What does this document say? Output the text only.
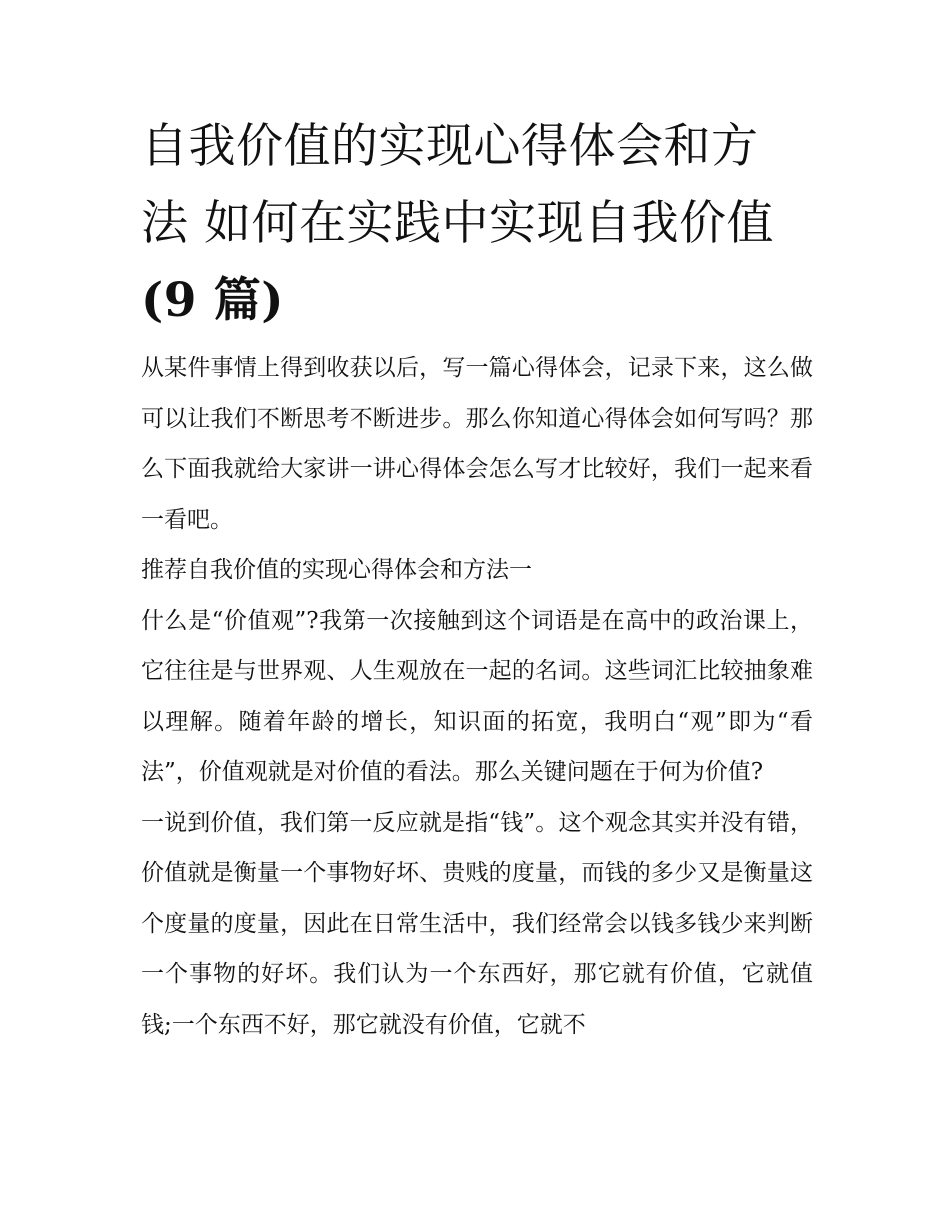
自我价值的实现心得体会和方
法 如何在实践中实现自我价值
(9 篇)

从某件事情上得到收获以后，写一篇心得体会，记录下来，这么做可以让我们不断思考不断进步。那么你知道心得体会如何写吗？那么下面我就给大家讲一讲心得体会怎么写才比较好，我们一起来看一看吧。

推荐自我价值的实现心得体会和方法一

什么是“价值观”?我第一次接触到这个词语是在高中的政治课上，它往往是与世界观、人生观放在一起的名词。这些词汇比较抽象难以理解。随着年龄的增长，知识面的拓宽，我明白“观”即为“看法”，价值观就是对价值的看法。那么关键问题在于何为价值?

一说到价值，我们第一反应就是指“钱”。这个观念其实并没有错，价值就是衡量一个事物好坏、贵贱的度量，而钱的多少又是衡量这个度量的度量，因此在日常生活中，我们经常会以钱多钱少来判断一个事物的好坏。我们认为一个东西好，那它就有价值，它就值钱;一个东西不好，那它就没有价值，它就不
